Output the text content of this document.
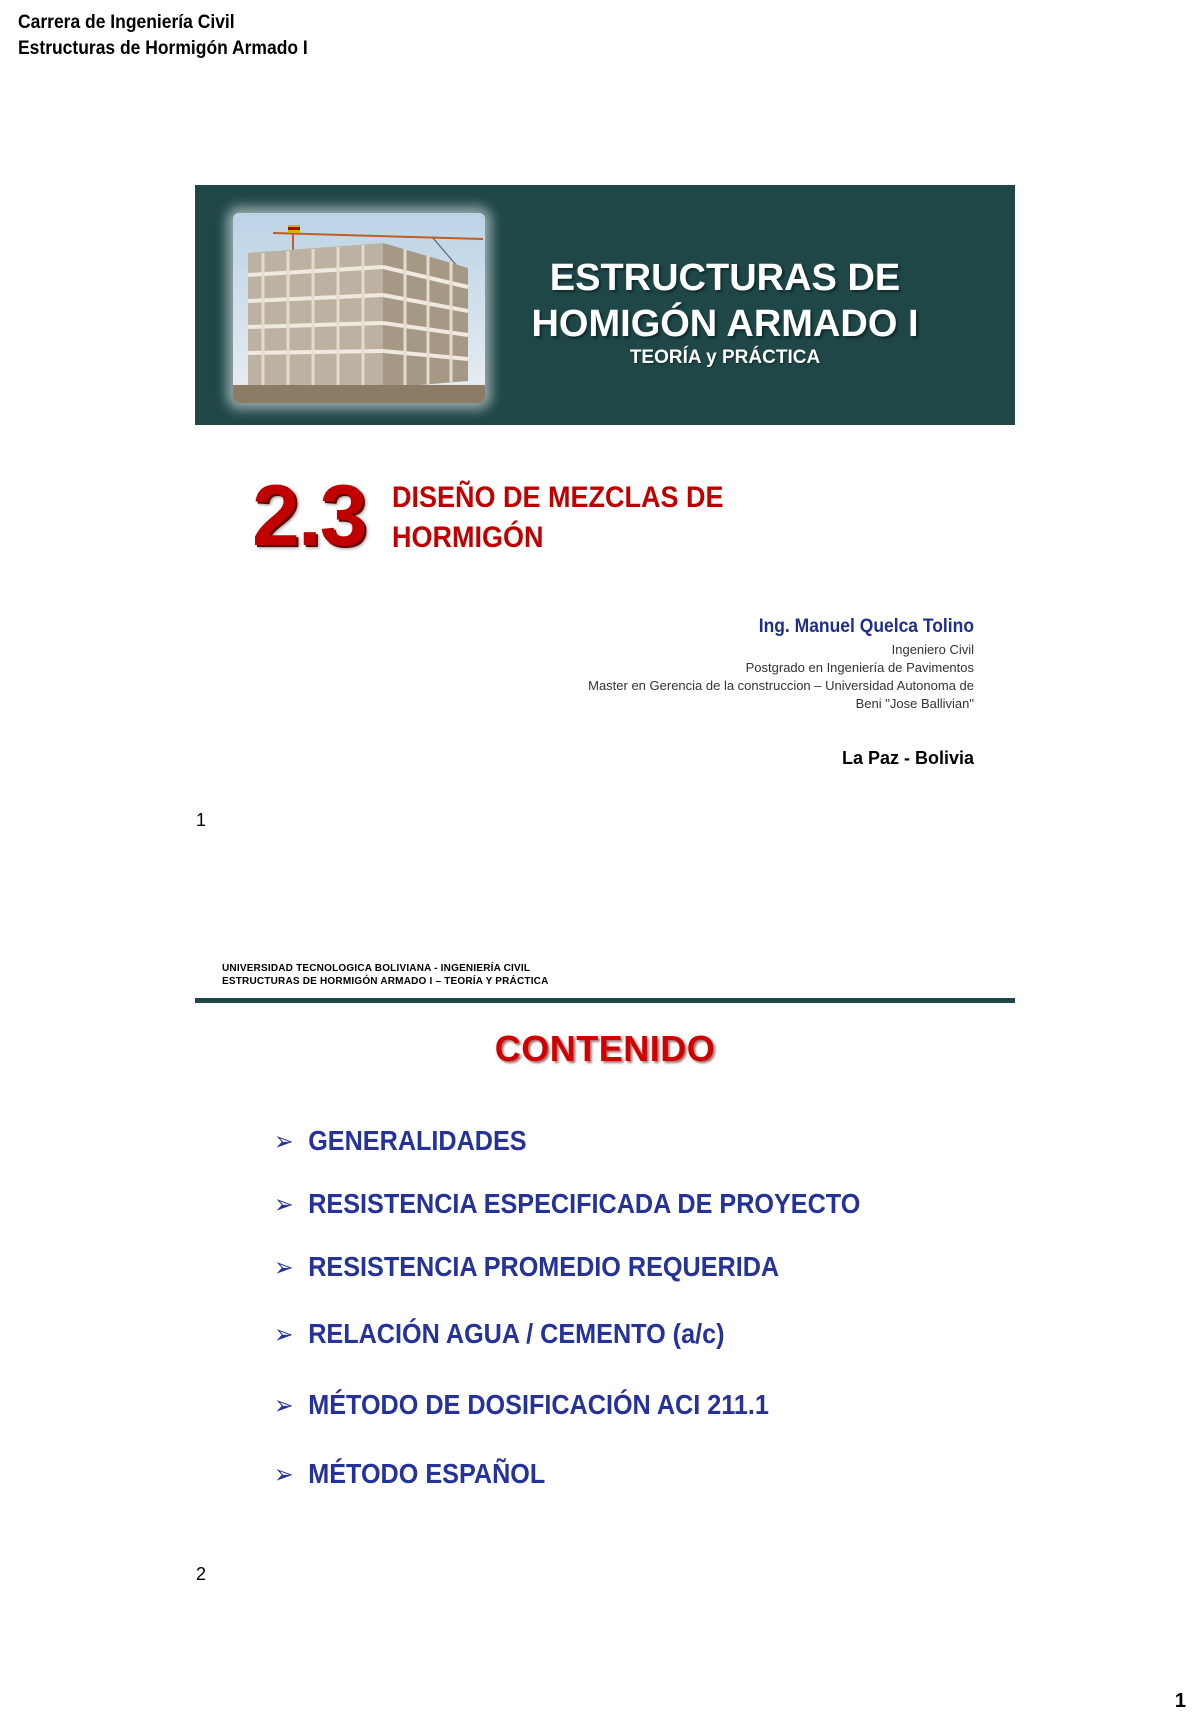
Carrera de Ingeniería Civil
Estructuras de Hormigón Armado I
ESTRUCTURAS DE
HOMIGÓN ARMADO I
TEORÍA y PRÁCTICA
2.3 DISEÑO DE MEZCLAS DE
HORMIGÓN
Ing. Manuel Quelca Tolino
Ingeniero Civil
Postgrado en Ingeniería de Pavimentos
Master en Gerencia de la construccion – Universidad Autonoma de
Beni "Jose Ballivian"
La Paz - Bolivia
1
UNIVERSIDAD TECNOLOGICA BOLIVIANA - INGENIERÍA CIVIL
ESTRUCTURAS DE HORMIGÓN ARMADO I – TEORÍA Y PRÁCTICA
CONTENIDO
➢ GENERALIDADES
➢ RESISTENCIA ESPECIFICADA DE PROYECTO
➢ RESISTENCIA PROMEDIO REQUERIDA
➢ RELACIÓN AGUA / CEMENTO (a/c)
➢ MÉTODO DE DOSIFICACIÓN ACI 211.1
➢ MÉTODO ESPAÑOL
2
1
